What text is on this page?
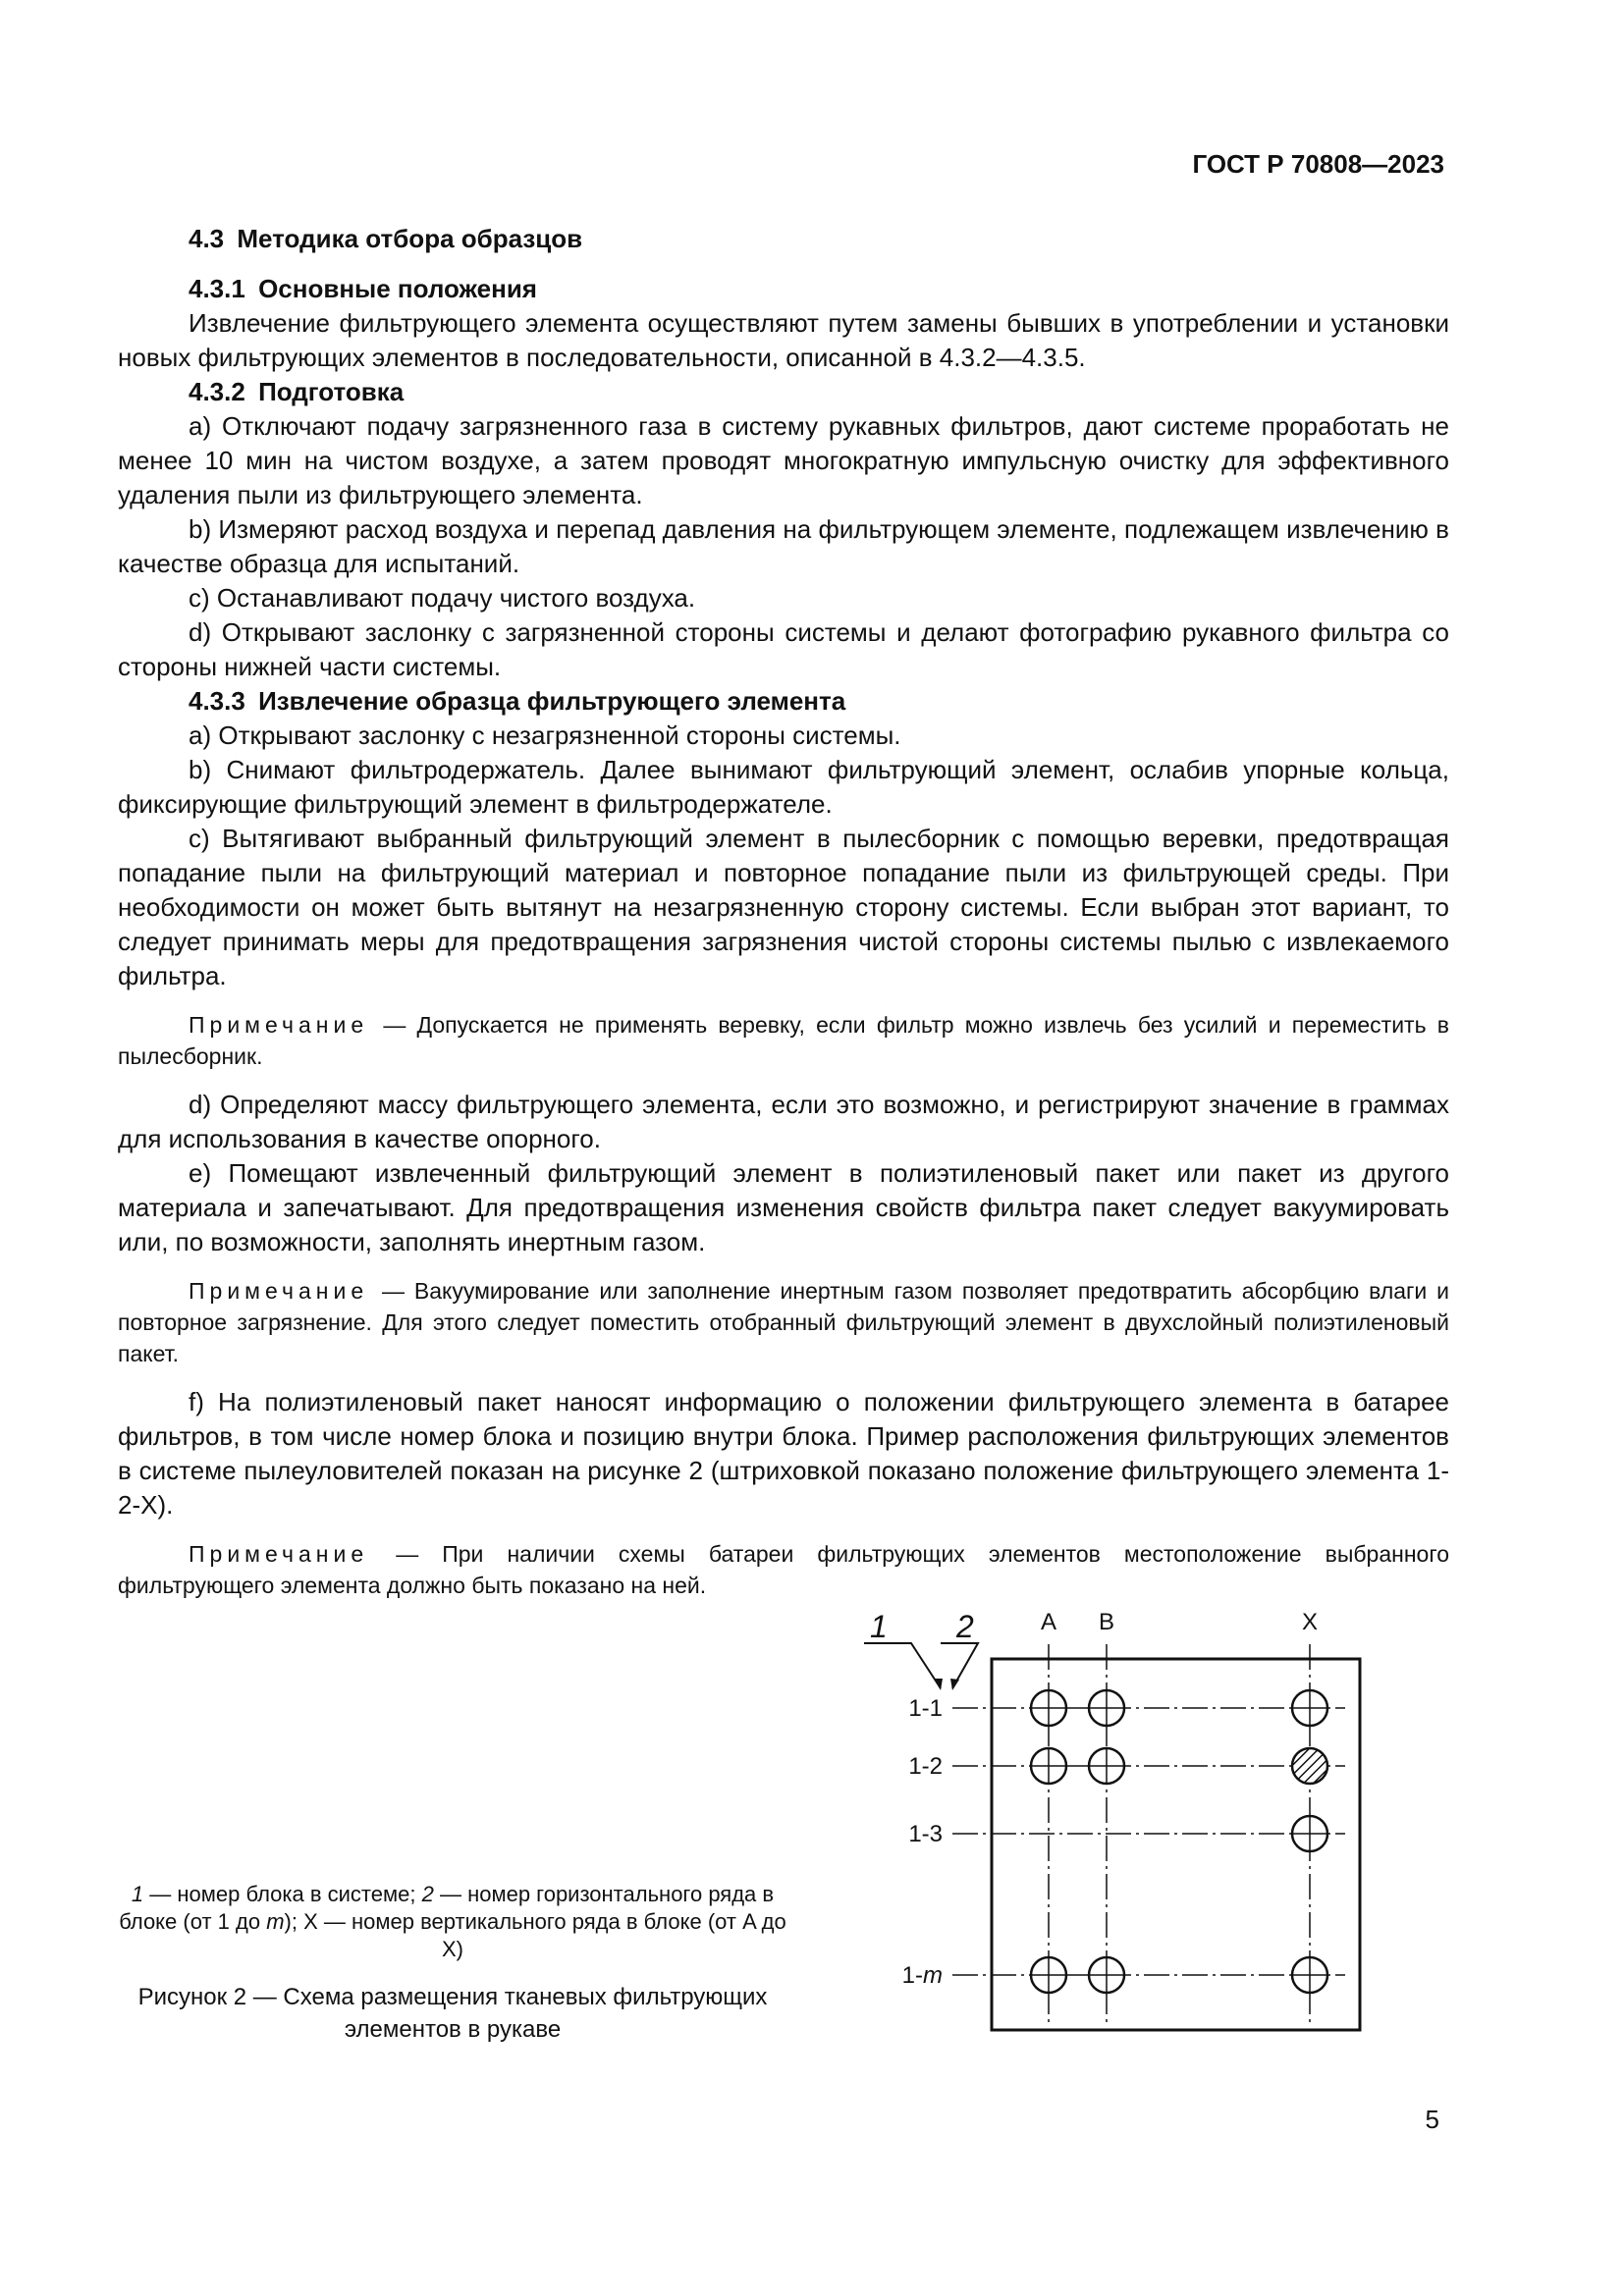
ГОСТ Р 70808—2023
4.3 Методика отбора образцов
4.3.1 Основные положения

Извлечение фильтрующего элемента осуществляют путем замены бывших в употреблении и установки новых фильтрующих элементов в последовательности, описанной в 4.3.2—4.3.5.

4.3.2 Подготовка

a) Отключают подачу загрязненного газа в систему рукавных фильтров, дают системе проработать не менее 10 мин на чистом воздухе, а затем проводят многократную импульсную очистку для эффективного удаления пыли из фильтрующего элемента.

b) Измеряют расход воздуха и перепад давления на фильтрующем элементе, подлежащем извлечению в качестве образца для испытаний.

c) Останавливают подачу чистого воздуха.

d) Открывают заслонку с загрязненной стороны системы и делают фотографию рукавного фильтра со стороны нижней части системы.

4.3.3 Извлечение образца фильтрующего элемента

a) Открывают заслонку с незагрязненной стороны системы.

b) Снимают фильтродержатель. Далее вынимают фильтрующий элемент, ослабив упорные кольца, фиксирующие фильтрующий элемент в фильтродержателе.

c) Вытягивают выбранный фильтрующий элемент в пылесборник с помощью веревки, предотвращая попадание пыли на фильтрующий материал и повторное попадание пыли из фильтрующей среды. При необходимости он может быть вытянут на незагрязненную сторону системы. Если выбран этот вариант, то следует принимать меры для предотвращения загрязнения чистой стороны системы пылью с извлекаемого фильтра.

Примечание — Допускается не применять веревку, если фильтр можно извлечь без усилий и переместить в пылесборник.

d) Определяют массу фильтрующего элемента, если это возможно, и регистрируют значение в граммах для использования в качестве опорного.

e) Помещают извлеченный фильтрующий элемент в полиэтиленовый пакет или пакет из другого материала и запечатывают. Для предотвращения изменения свойств фильтра пакет следует вакуумировать или, по возможности, заполнять инертным газом.

Примечание — Вакуумирование или заполнение инертным газом позволяет предотвратить абсорбцию влаги и повторное загрязнение. Для этого следует поместить отобранный фильтрующий элемент в двухслойный полиэтиленовый пакет.

f) На полиэтиленовый пакет наносят информацию о положении фильтрующего элемента в батарее фильтров, в том числе номер блока и позицию внутри блока. Пример расположения фильтрующих элементов в системе пылеуловителей показан на рисунке 2 (штриховкой показано положение фильтрующего элемента 1-2-X).

Примечание — При наличии схемы батареи фильтрующих элементов местоположение выбранного фильтрующего элемента должно быть показано на ней.

1 — номер блока в системе; 2 — номер горизонтального ряда в блоке (от 1 до m); X — номер вертикального ряда в блоке (от A до X)
Рисунок 2 — Схема размещения тканевых фильтрующих элементов в рукаве
1 2	A B	X
1-1
1-2
1-3
1-m
5
